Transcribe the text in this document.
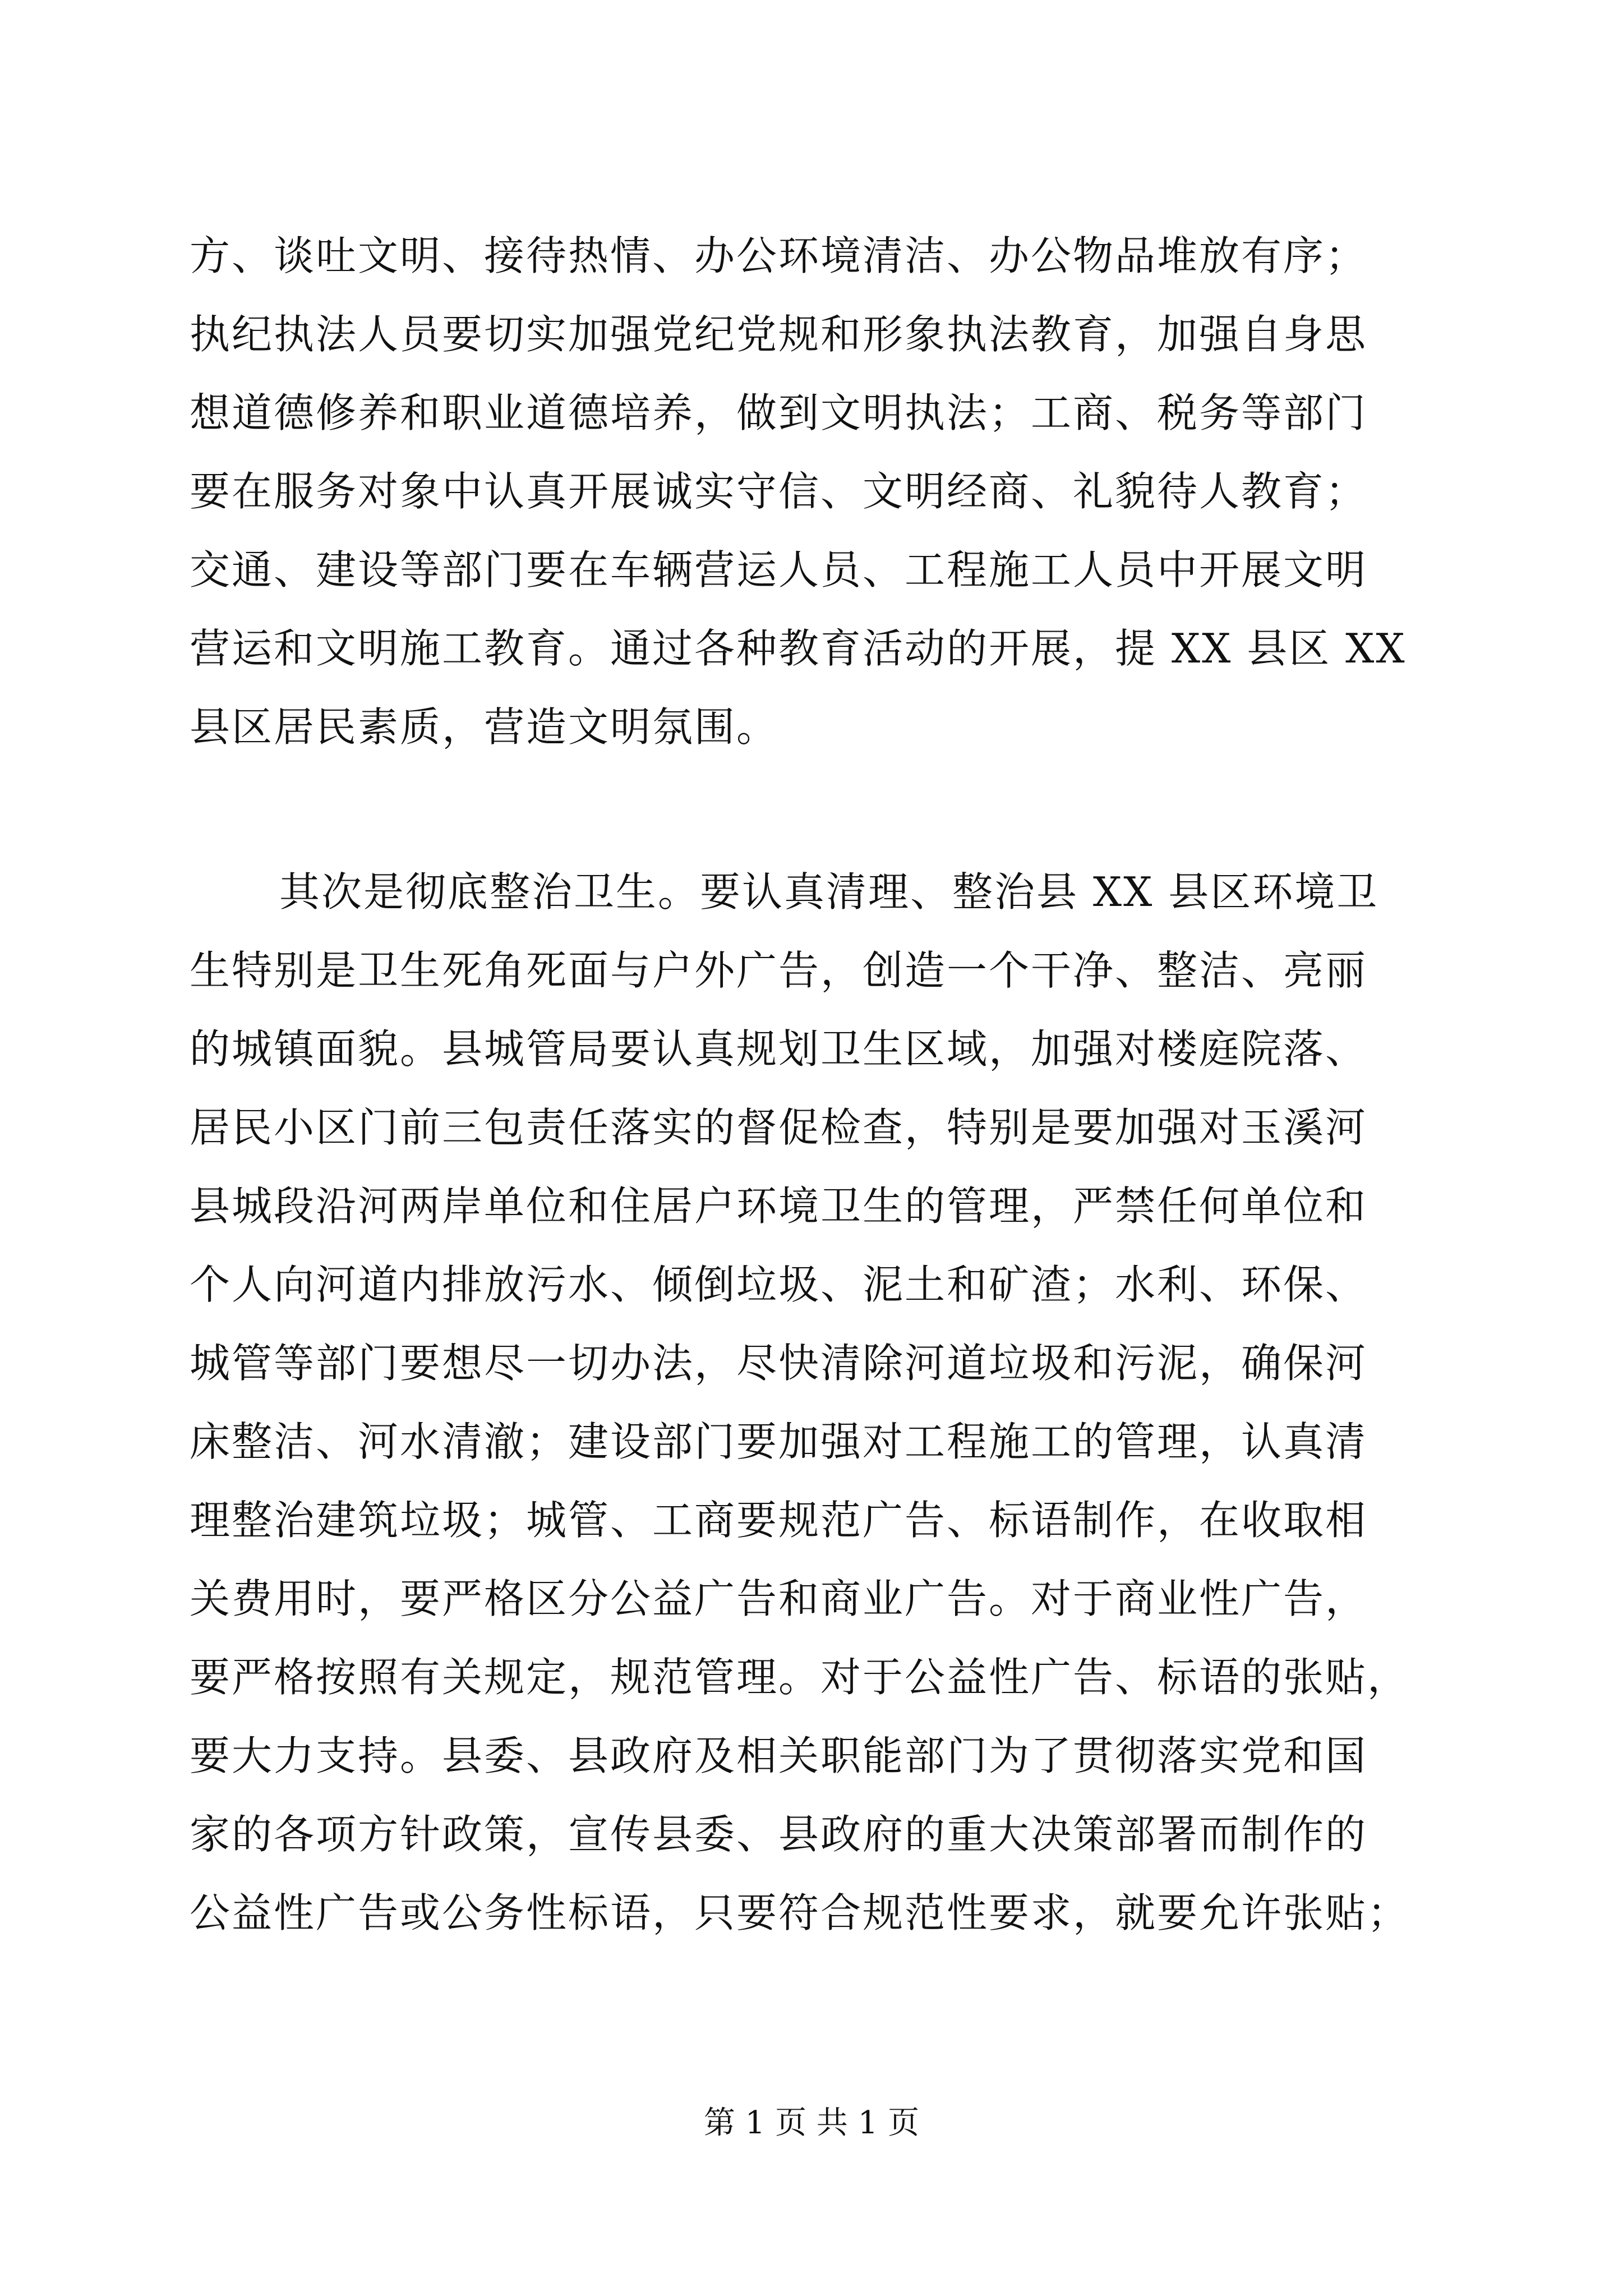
方、谈吐文明、接待热情、办公环境清洁、办公物品堆放有序；
执纪执法人员要切实加强党纪党规和形象执法教育，加强自身思
想道德修养和职业道德培养，做到文明执法；工商、税务等部门
要在服务对象中认真开展诚实守信、文明经商、礼貌待人教育；
交通、建设等部门要在车辆营运人员、工程施工人员中开展文明
营运和文明施工教育。通过各种教育活动的开展，提 XX 县区 XX
县区居民素质，营造文明氛围。
其次是彻底整治卫生。要认真清理、整治县 XX 县区环境卫
生特别是卫生死角死面与户外广告，创造一个干净、整洁、亮丽
的城镇面貌。县城管局要认真规划卫生区域，加强对楼庭院落、
居民小区门前三包责任落实的督促检查，特别是要加强对玉溪河
县城段沿河两岸单位和住居户环境卫生的管理，严禁任何单位和
个人向河道内排放污水、倾倒垃圾、泥土和矿渣；水利、环保、
城管等部门要想尽一切办法，尽快清除河道垃圾和污泥，确保河
床整洁、河水清澈；建设部门要加强对工程施工的管理，认真清
理整治建筑垃圾；城管、工商要规范广告、标语制作，在收取相
关费用时，要严格区分公益广告和商业广告。对于商业性广告，
要严格按照有关规定，规范管理。对于公益性广告、标语的张贴，
要大力支持。县委、县政府及相关职能部门为了贯彻落实党和国
家的各项方针政策，宣传县委、县政府的重大决策部署而制作的
公益性广告或公务性标语，只要符合规范性要求，就要允许张贴；
第 1 页 共 1 页
